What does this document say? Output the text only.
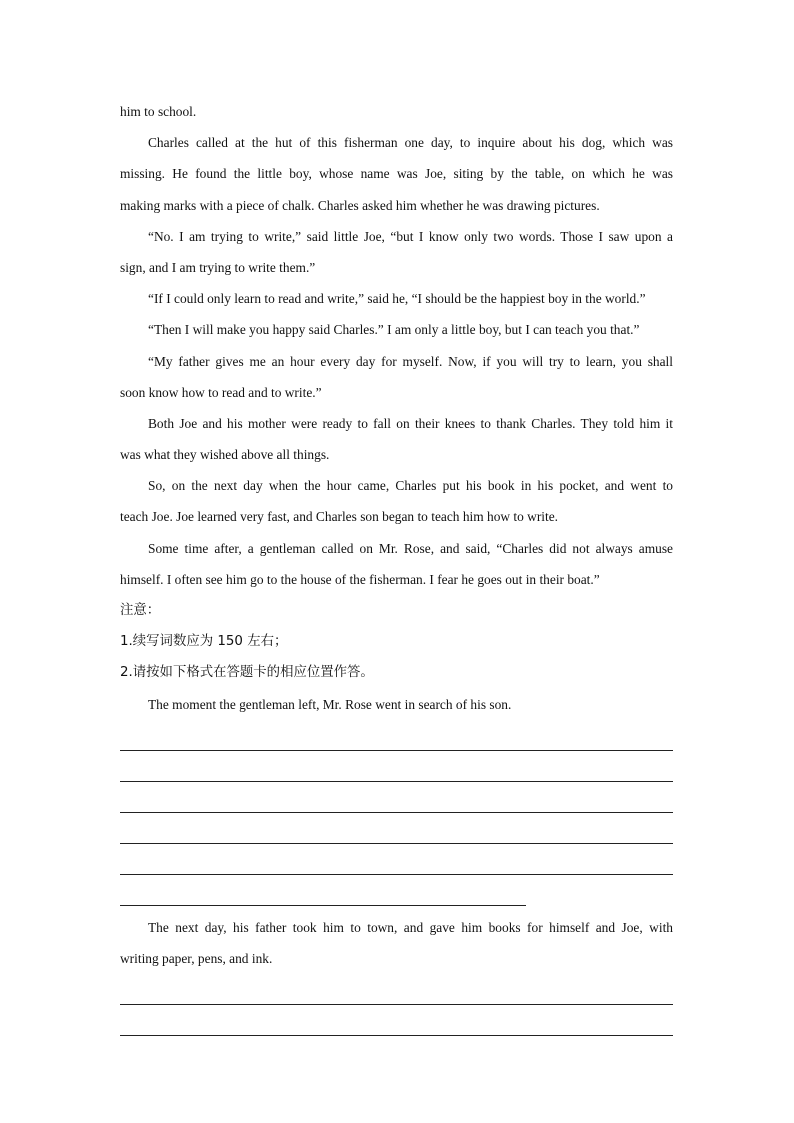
him to school.
Charles called at the hut of this fisherman one day, to inquire about his dog, which was
missing. He found the little boy, whose name was Joe, siting by the table, on which he was
making marks with a piece of chalk. Charles asked him whether he was drawing pictures.
“No. I am trying to write,” said little Joe, “but I know only two words. Those I saw upon a
sign, and I am trying to write them.”
“If I could only learn to read and write,” said he, “I should be the happiest boy in the world.”
“Then I will make you happy said Charles.” I am only a little boy, but I can teach you that.”
“My father gives me an hour every day for myself. Now, if you will try to learn, you shall
soon know how to read and to write.”
Both Joe and his mother were ready to fall on their knees to thank Charles. They told him it
was what they wished above all things.
So, on the next day when the hour came, Charles put his book in his pocket, and went to
teach Joe. Joe learned very fast, and Charles son began to teach him how to write.
Some time after, a gentleman called on Mr. Rose, and said, “Charles did not always amuse
himself. I often see him go to the house of the fisherman. I fear he goes out in their boat.”
注意：
1.续写词数应为 150 左右；
2.请按如下格式在答题卡的相应位置作答。
The moment the gentleman left, Mr. Rose went in search of his son.
The next day, his father took him to town, and gave him books for himself and Joe, with
writing paper, pens, and ink.
